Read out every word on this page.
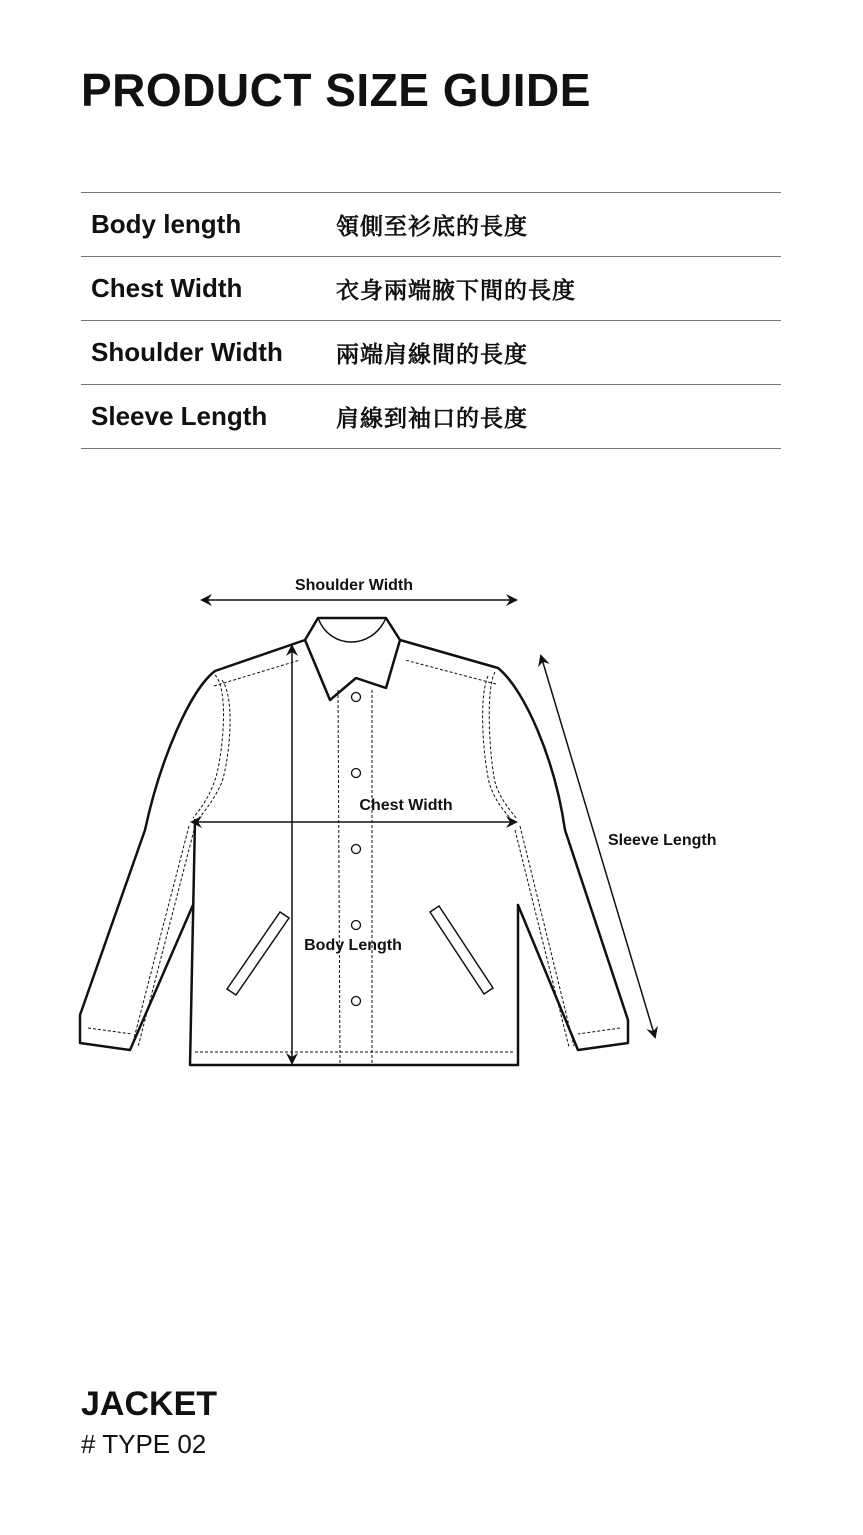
PRODUCT SIZE GUIDE
Body length	領側至衫底的長度
Chest Width	衣身兩端腋下間的長度
Shoulder Width	兩端肩線間的長度
Sleeve Length	肩線到袖口的長度
Shoulder Width
Chest Width
Body Length
Sleeve Length
JACKET
# TYPE 02
